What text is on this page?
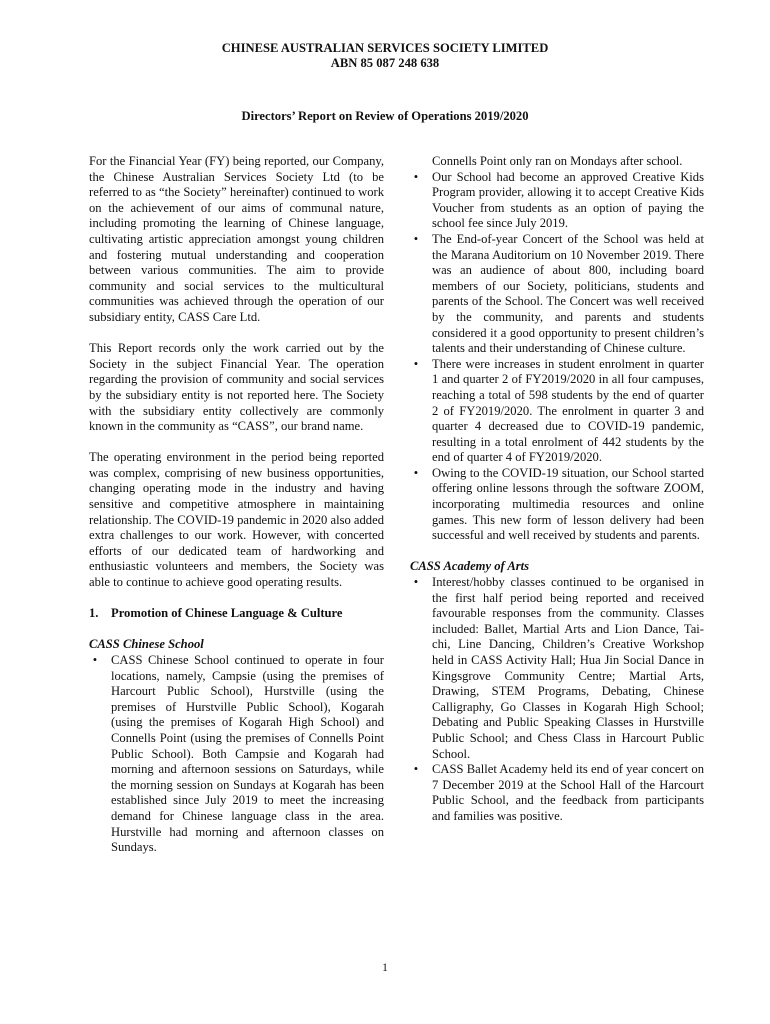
CHINESE AUSTRALIAN SERVICES SOCIETY LIMITED
ABN 85 087 248 638
Directors’ Report on Review of Operations 2019/2020

For the Financial Year (FY) being reported, our Company, the Chinese Australian Services Society Ltd (to be referred to as “the Society” hereinafter) continued to work on the achievement of our aims of communal nature, including promoting the learning of Chinese language, cultivating artistic appreciation amongst young children and fostering mutual understanding and cooperation between various communities. The aim to provide community and social services to the multicultural communities was achieved through the operation of our subsidiary entity, CASS Care Ltd.

This Report records only the work carried out by the Society in the subject Financial Year. The operation regarding the provision of community and social services by the subsidiary entity is not reported here. The Society with the subsidiary entity collectively are commonly known in the community as “CASS”, our brand name.

The operating environment in the period being reported was complex, comprising of new business opportunities, changing operating mode in the industry and having sensitive and competitive atmosphere in maintaining relationship. The COVID-19 pandemic in 2020 also added extra challenges to our work. However, with concerted efforts of our dedicated team of hardworking and enthusiastic volunteers and members, the Society was able to continue to achieve good operating results.

1. Promotion of Chinese Language & Culture
CASS Chinese School
•	CASS Chinese School continued to operate in four locations, namely, Campsie (using the premises of Harcourt Public School), Hurstville (using the premises of Hurstville Public School), Kogarah (using the premises of Kogarah High School) and Connells Point (using the premises of Connells Point Public School). Both Campsie and Kogarah had morning and afternoon sessions on Saturdays, while the morning session on Sundays at Kogarah has been established since July 2019 to meet the increasing demand for Chinese language class in the area. Hurstville had morning and afternoon classes on Sundays.
Connells Point only ran on Mondays after school.
•	Our School had become an approved Creative Kids Program provider, allowing it to accept Creative Kids Voucher from students as an option of paying the school fee since July 2019.
•	The End-of-year Concert of the School was held at the Marana Auditorium on 10 November 2019. There was an audience of about 800, including board members of our Society, politicians, students and parents of the School. The Concert was well received by the community, and parents and students considered it a good opportunity to present children’s talents and their understanding of Chinese culture.
•	There were increases in student enrolment in quarter 1 and quarter 2 of FY2019/2020 in all four campuses, reaching a total of 598 students by the end of quarter 2 of FY2019/2020. The enrolment in quarter 3 and quarter 4 decreased due to COVID-19 pandemic, resulting in a total enrolment of 442 students by the end of quarter 4 of FY2019/2020.
•	Owing to the COVID-19 situation, our School started offering online lessons through the software ZOOM, incorporating multimedia resources and online games. This new form of lesson delivery had been successful and well received by students and parents.
CASS Academy of Arts
•	Interest/hobby classes continued to be organised in the first half period being reported and received favourable responses from the community. Classes included: Ballet, Martial Arts and Lion Dance, Tai-chi, Line Dancing, Children’s Creative Workshop held in CASS Activity Hall; Hua Jin Social Dance in Kingsgrove Community Centre; Martial Arts, Drawing, STEM Programs, Debating, Chinese Calligraphy, Go Classes in Kogarah High School; Debating and Public Speaking Classes in Hurstville Public School; and Chess Class in Harcourt Public School.
•	CASS Ballet Academy held its end of year concert on 7 December 2019 at the School Hall of the Harcourt Public School, and the feedback from participants and families was positive.
1
